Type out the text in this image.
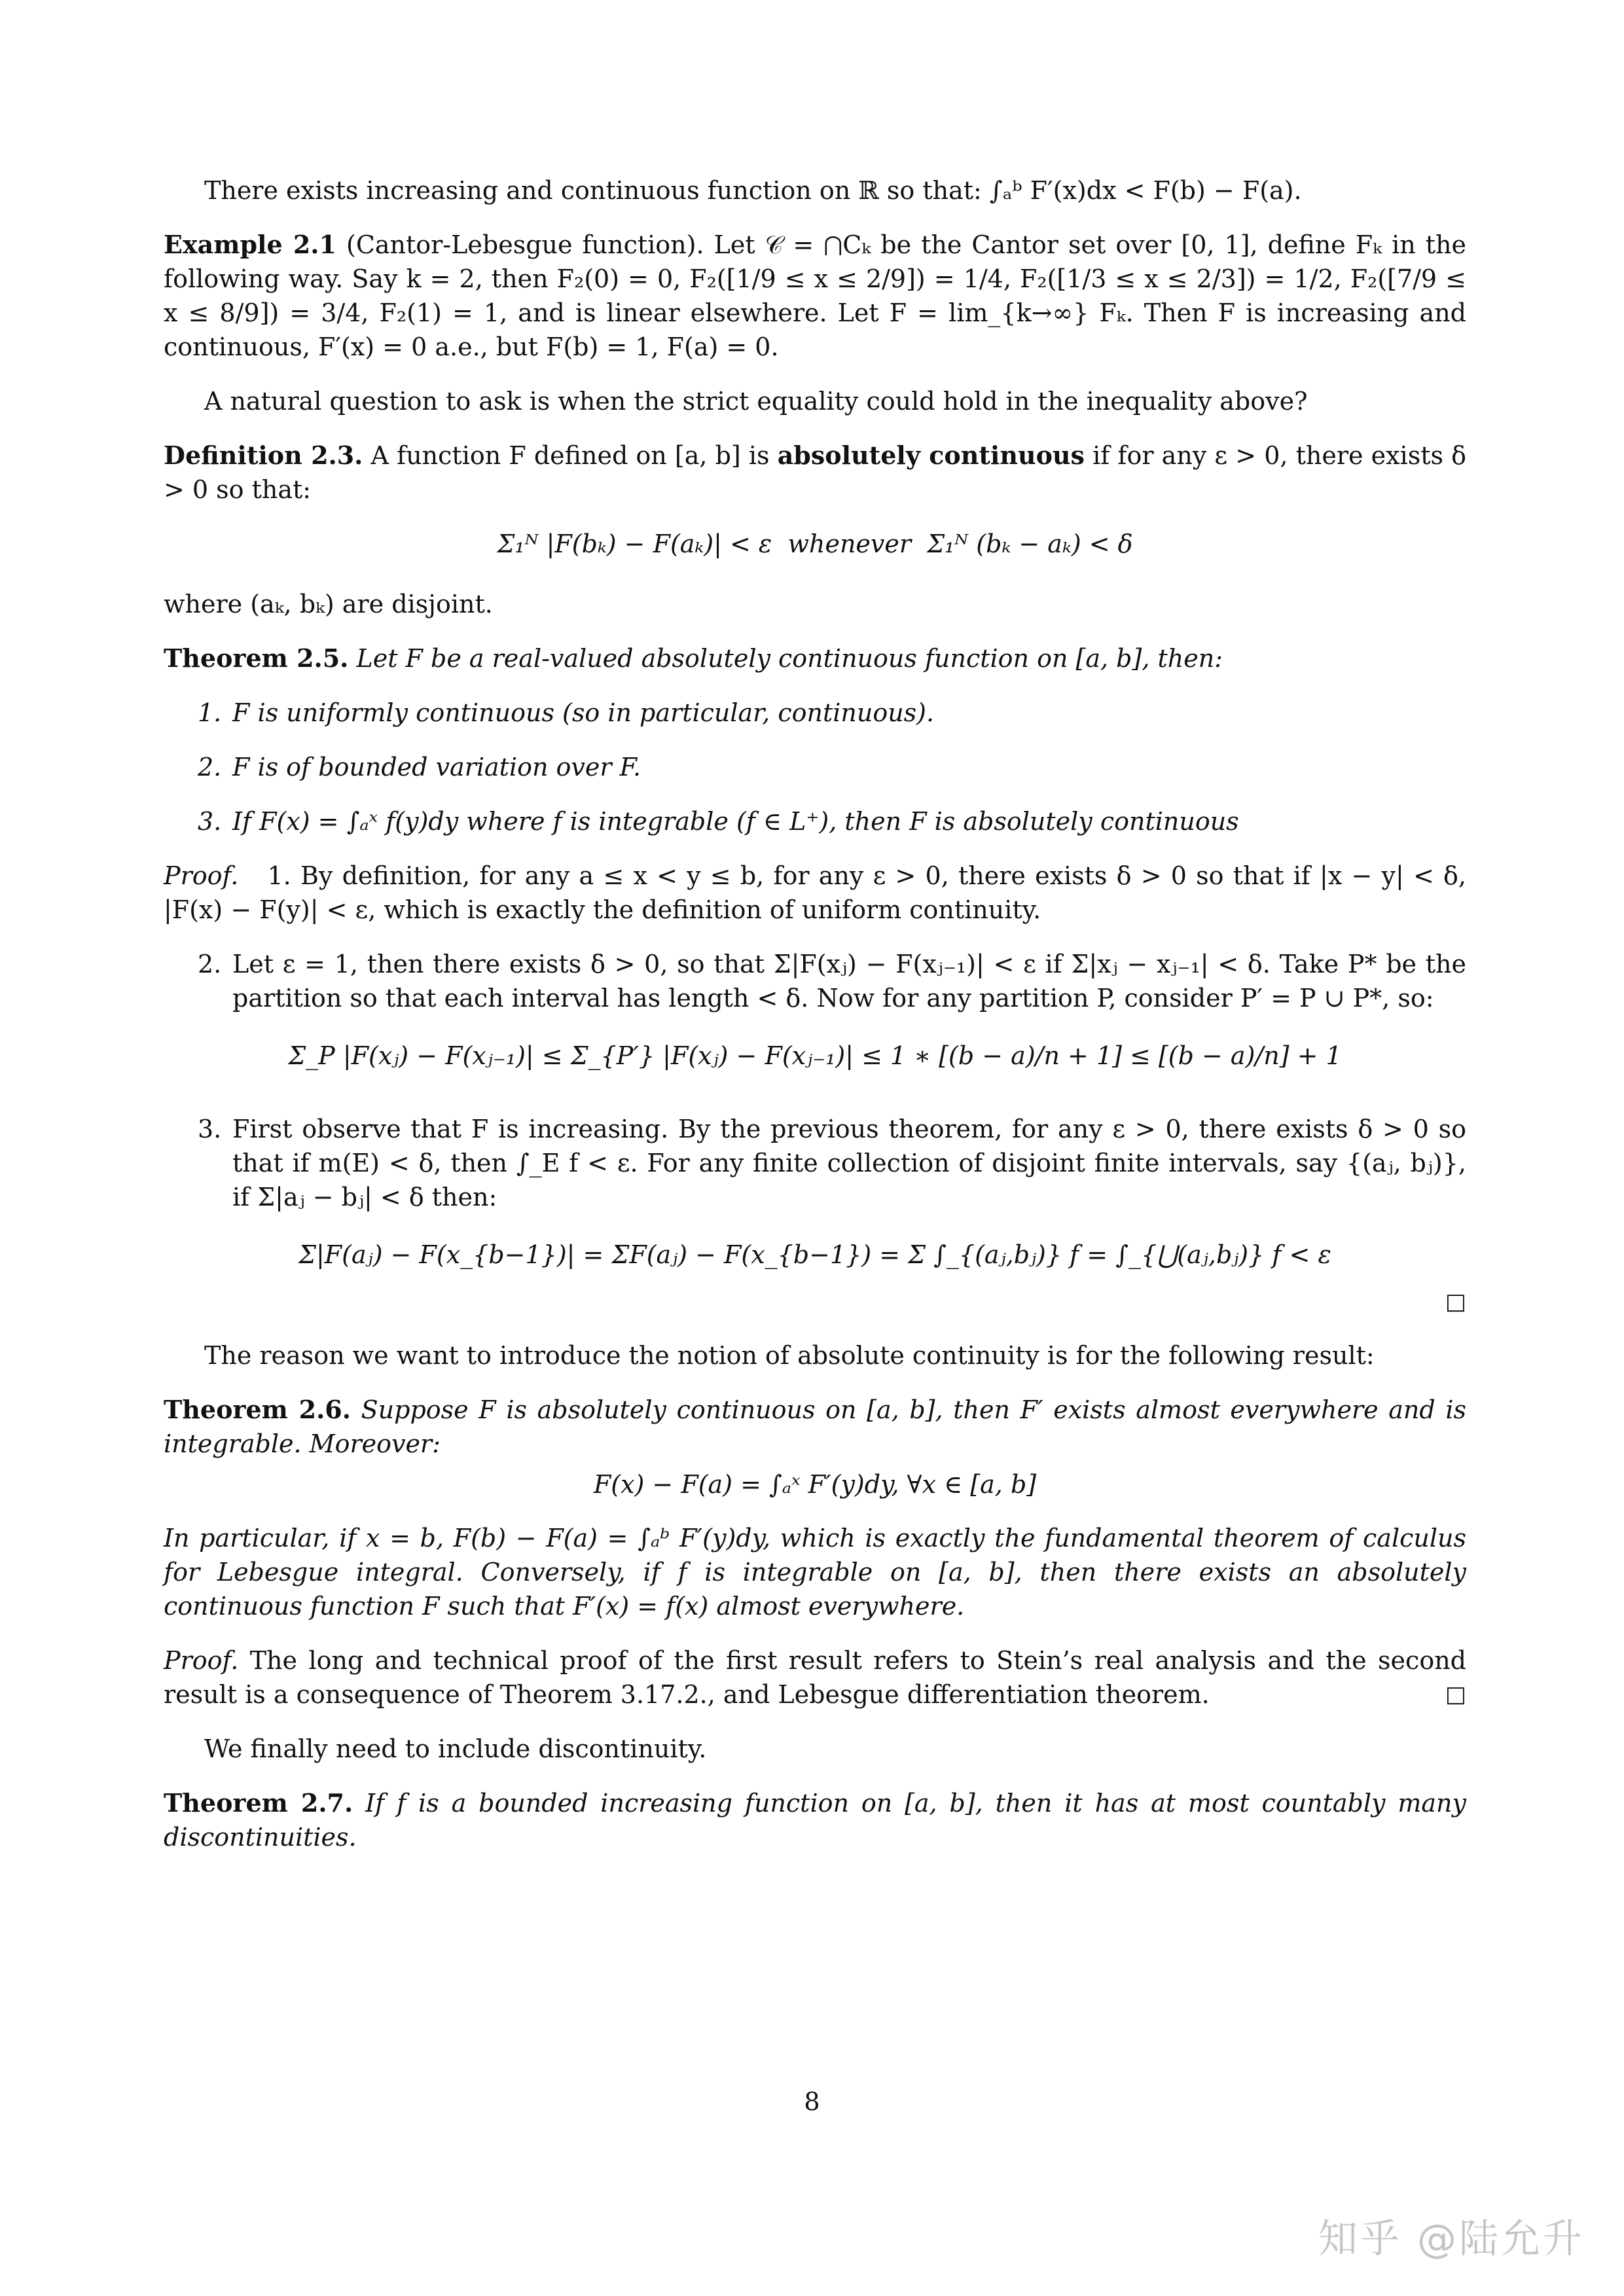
There exists increasing and continuous function on ℝ so that: ∫ₐᵇ F′(x)dx < F(b) − F(a).

Example 2.1 (Cantor-Lebesgue function). Let 𝒞 = ⋂Cₖ be the Cantor set over [0, 1], define Fₖ in the following way. Say k = 2, then F₂(0) = 0, F₂([1/9 ≤ x ≤ 2/9]) = 1/4, F₂([1/3 ≤ x ≤ 2/3]) = 1/2, F₂([7/9 ≤ x ≤ 8/9]) = 3/4, F₂(1) = 1, and is linear elsewhere. Let F = lim_{k→∞} Fₖ. Then F is increasing and continuous, F′(x) = 0 a.e., but F(b) = 1, F(a) = 0.

A natural question to ask is when the strict equality could hold in the inequality above?

Definition 2.3. A function F defined on [a, b] is absolutely continuous if for any ε > 0, there exists δ > 0 so that:

Σ₁ᴺ |F(bₖ) − F(aₖ)| < ε  whenever  Σ₁ᴺ (bₖ − aₖ) < δ

where (aₖ, bₖ) are disjoint.

Theorem 2.5. Let F be a real-valued absolutely continuous function on [a, b], then:

1. F is uniformly continuous (so in particular, continuous).
2. F is of bounded variation over F.
3. If F(x) = ∫ₐˣ f(y)dy where f is integrable (f ∈ L⁺), then F is absolutely continuous
Proof. 1. By definition, for any a ≤ x < y ≤ b, for any ε > 0, there exists δ > 0 so that if |x − y| < δ, |F(x) − F(y)| < ε, which is exactly the definition of uniform continuity.
2. Let ε = 1, then there exists δ > 0, so that Σ|F(xⱼ) − F(xⱼ₋₁)| < ε if Σ|xⱼ − xⱼ₋₁| < δ. Take P* be the partition so that each interval has length < δ. Now for any partition P, consider P′ = P ∪ P*, so:
Σ_P |F(xⱼ) − F(xⱼ₋₁)| ≤ Σ_{P′} |F(xⱼ) − F(xⱼ₋₁)| ≤ 1 ∗ [(b − a)/n + 1] ≤ [(b − a)/n] + 1
3. First observe that F is increasing. By the previous theorem, for any ε > 0, there exists δ > 0 so that if m(E) < δ, then ∫_E f < ε. For any finite collection of disjoint finite intervals, say {(aⱼ, bⱼ)}, if Σ|aⱼ − bⱼ| < δ then:
Σ|F(aⱼ) − F(x_{b−1})| = ΣF(aⱼ) − F(x_{b−1}) = Σ ∫_{(aⱼ,bⱼ)} f = ∫_{⋃(aⱼ,bⱼ)} f < ε
□

The reason we want to introduce the notion of absolute continuity is for the following result:

Theorem 2.6. Suppose F is absolutely continuous on [a, b], then F′ exists almost everywhere and is integrable. Moreover:

F(x) − F(a) = ∫ₐˣ F′(y)dy, ∀x ∈ [a, b]

In particular, if x = b, F(b) − F(a) = ∫ₐᵇ F′(y)dy, which is exactly the fundamental theorem of calculus for Lebesgue integral. Conversely, if f is integrable on [a, b], then there exists an absolutely continuous function F such that F′(x) = f(x) almost everywhere.

Proof. The long and technical proof of the first result refers to Stein’s real analysis and the second result is a consequence of Theorem 3.17.2., and Lebesgue differentiation theorem.	□

We finally need to include discontinuity.

Theorem 2.7. If f is a bounded increasing function on [a, b], then it has at most countably many discontinuities.

8
知乎 @陆允升
